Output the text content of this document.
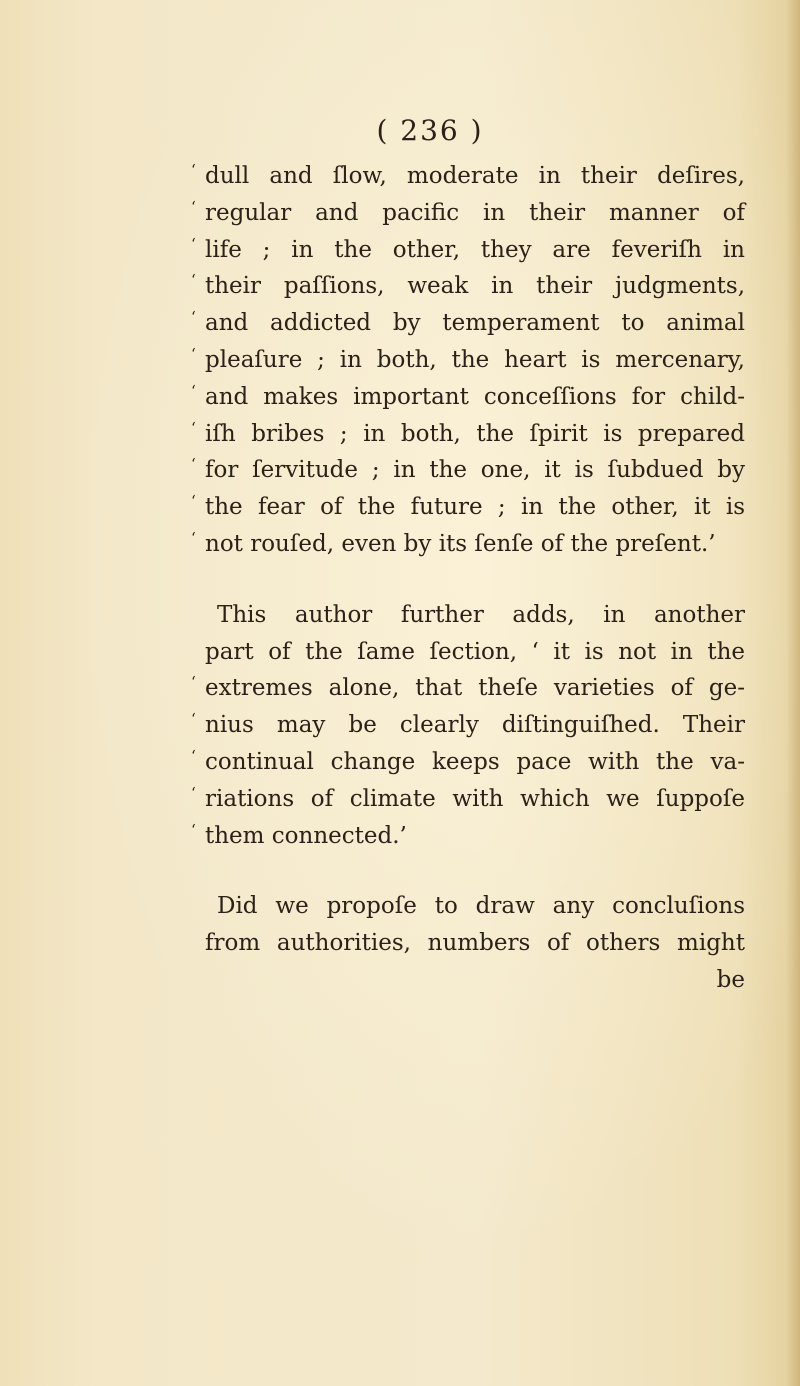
( 236 )
‘ dull and ſlow, moderate in their deſires,
‘ regular and pacific in their manner of
‘ life ; in the other, they are feveriſh in
‘ their paſſions, weak in their judgments,
‘ and addicted by temperament to animal
‘ pleaſure ; in both, the heart is mercenary,
‘ and makes important conceſſions for child-
‘ iſh bribes ; in both, the ſpirit is prepared
‘ for ſervitude ; in the one, it is ſubdued by
‘ the fear of the future ; in the other, it is
‘ not rouſed, even by its ſenſe of the preſent.’
This author further adds, in another
part of the ſame ſection, ‘ it is not in the
‘ extremes alone, that theſe varieties of ge-
‘ nius may be clearly diſtinguiſhed. Their
‘ continual change keeps pace with the va-
‘ riations of climate with which we ſuppoſe
‘ them connected.’
Did we propoſe to draw any concluſions
from authorities, numbers of others might
be
